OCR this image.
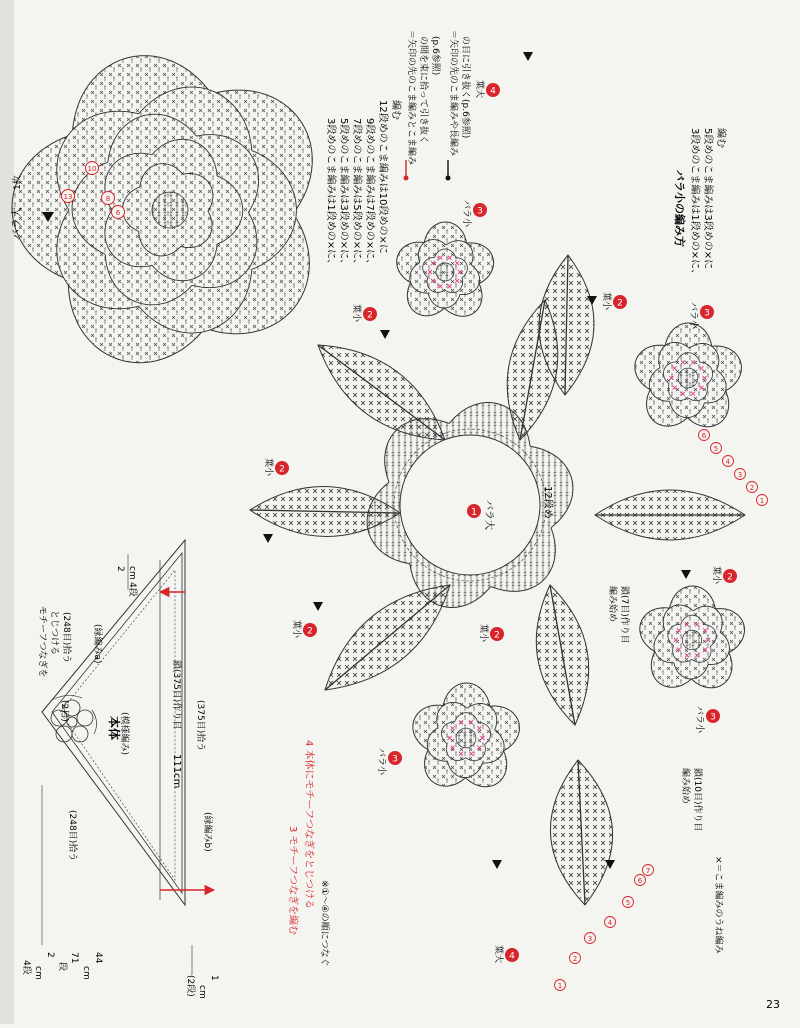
13
10
8
6
バラ大
1枚	3段めのこま編みは1段めの×に、 5段めのこま編みは3段めの×に、 7段めのこま編みは5段めの×に、 9段めのこま編みは7段めの×に、 12段めのこま編みは10段めの×に 編む ＝矢印の先のこま編みとこま編み の間を束に拾って引き抜く (p.6参照) ＝矢印の先のこま編みや長編み の目に引き抜く(p.6参照)
バラ小の編み方 3段めのこま編みは1段めの×に、 5段めのこま編みは3段めの×に 編む
1 バラ大	12段め
3
バラ小
2
葉小
2
葉小
3
バラ小
2
葉小
2
葉小
2
葉小	2
葉小
3
バラ小
3
バラ小
4
葉大
4
葉大
1
2
3
4
5
6
1
2
3
4
5
6
7
編み始め 鎖(7目)作り目
編み始め 鎖(10目)作り目
×＝こま編みのうね編み
本体
(模様編み)
111cm
鎖(375目)作り目 (375目)拾う
(248目)拾う
(2目)
(縁編みa)
(縁編みb)
モチーフつなぎを とじつける (248目)拾う
2 cm
4段
44
cm
71
段
2
cm
4段
1
cm
(2段)
3 モチーフつなぎを編む 4 本体にモチーフつなぎをとじつける
※①〜④の順につなぐ
23
